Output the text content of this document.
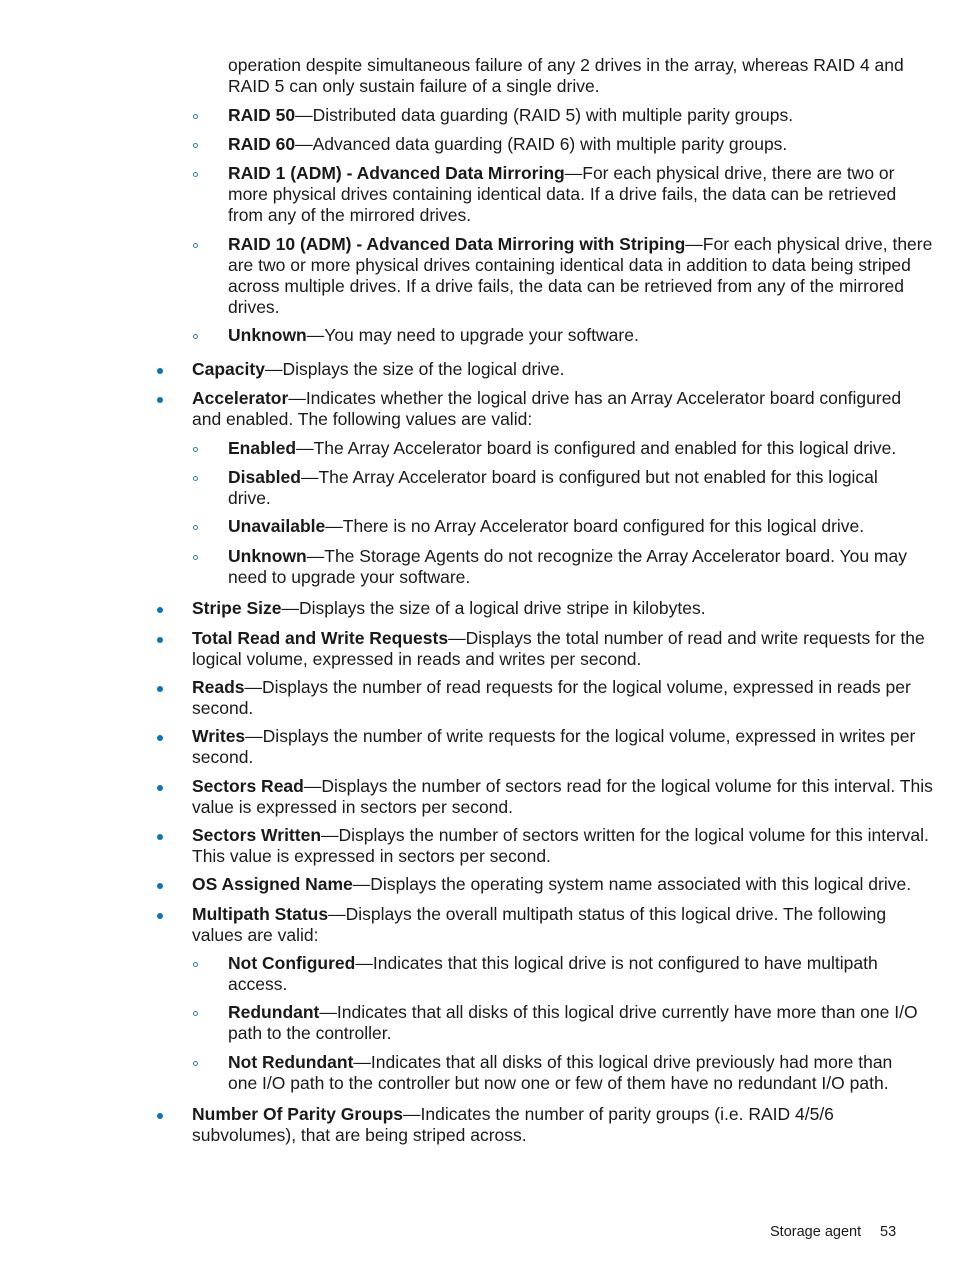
operation despite simultaneous failure of any 2 drives in the array, whereas RAID 4 and
RAID 5 can only sustain failure of a single drive.
RAID 50—Distributed data guarding (RAID 5) with multiple parity groups.
RAID 60—Advanced data guarding (RAID 6) with multiple parity groups.
RAID 1 (ADM) - Advanced Data Mirroring—For each physical drive, there are two or
more physical drives containing identical data. If a drive fails, the data can be retrieved
from any of the mirrored drives.
RAID 10 (ADM) - Advanced Data Mirroring with Striping—For each physical drive, there
are two or more physical drives containing identical data in addition to data being striped
across multiple drives. If a drive fails, the data can be retrieved from any of the mirrored
drives.
Unknown—You may need to upgrade your software.
Capacity—Displays the size of the logical drive.
Accelerator—Indicates whether the logical drive has an Array Accelerator board configured
and enabled. The following values are valid:
Enabled—The Array Accelerator board is configured and enabled for this logical drive.
Disabled—The Array Accelerator board is configured but not enabled for this logical
drive.
Unavailable—There is no Array Accelerator board configured for this logical drive.
Unknown—The Storage Agents do not recognize the Array Accelerator board. You may
need to upgrade your software.
Stripe Size—Displays the size of a logical drive stripe in kilobytes.
Total Read and Write Requests—Displays the total number of read and write requests for the
logical volume, expressed in reads and writes per second.
Reads—Displays the number of read requests for the logical volume, expressed in reads per
second.
Writes—Displays the number of write requests for the logical volume, expressed in writes per
second.
Sectors Read—Displays the number of sectors read for the logical volume for this interval. This
value is expressed in sectors per second.
Sectors Written—Displays the number of sectors written for the logical volume for this interval.
This value is expressed in sectors per second.
OS Assigned Name—Displays the operating system name associated with this logical drive.
Multipath Status—Displays the overall multipath status of this logical drive. The following
values are valid:
Not Configured—Indicates that this logical drive is not configured to have multipath
access.
Redundant—Indicates that all disks of this logical drive currently have more than one I/O
path to the controller.
Not Redundant—Indicates that all disks of this logical drive previously had more than
one I/O path to the controller but now one or few of them have no redundant I/O path.
Number Of Parity Groups—Indicates the number of parity groups (i.e. RAID 4/5/6
subvolumes), that are being striped across.
Storage agent 53
